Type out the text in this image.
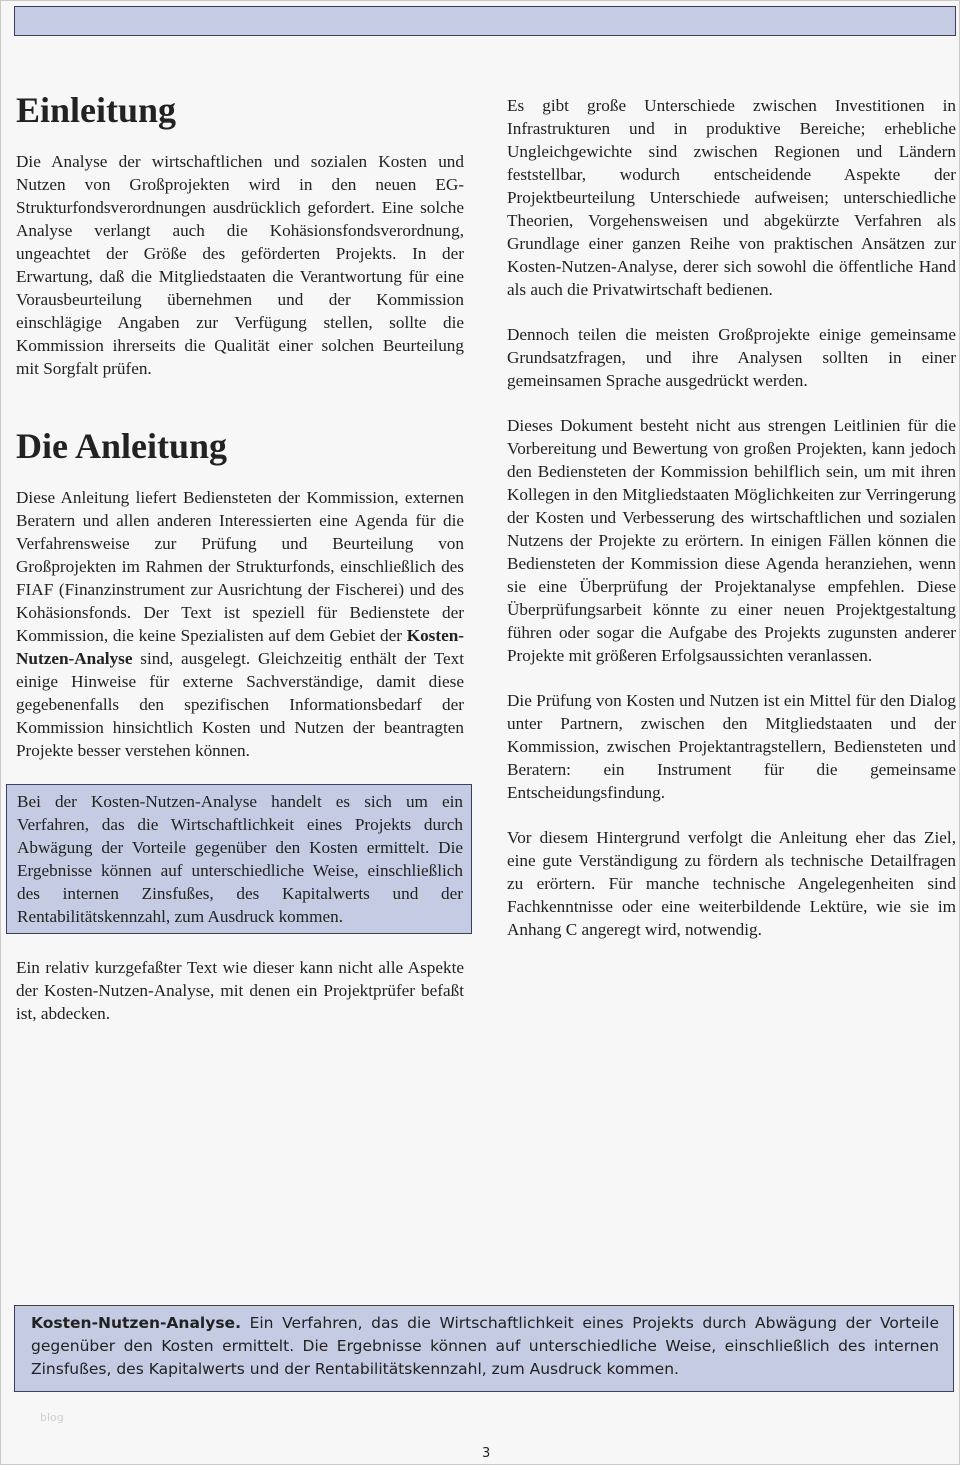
Einleitung

Die Analyse der wirtschaftlichen und sozialen Kosten und Nutzen von Großprojekten wird in den neuen EG-Strukturfondsverordnungen ausdrücklich gefordert. Eine solche Analyse verlangt auch die Kohäsionsfondsverordnung, ungeachtet der Größe des geförderten Projekts. In der Erwartung, daß die Mitgliedstaaten die Verantwortung für eine Vorausbeurteilung übernehmen und der Kommission einschlägige Angaben zur Verfügung stellen, sollte die Kommission ihrerseits die Qualität einer solchen Beurteilung mit Sorgfalt prüfen.

Die Anleitung

Diese Anleitung liefert Bediensteten der Kommission, externen Beratern und allen anderen Interessierten eine Agenda für die Verfahrensweise zur Prüfung und Beurteilung von Großprojekten im Rahmen der Strukturfonds, einschließlich des FIAF (Finanzinstrument zur Ausrichtung der Fischerei) und des Kohäsionsfonds. Der Text ist speziell für Bedienstete der Kommission, die keine Spezialisten auf dem Gebiet der Kosten-Nutzen-Analyse sind, ausgelegt. Gleichzeitig enthält der Text einige Hinweise für externe Sachverständige, damit diese gegebenenfalls den spezifischen Informationsbedarf der Kommission hinsichtlich Kosten und Nutzen der beantragten Projekte besser verstehen können.

Bei der Kosten-Nutzen-Analyse handelt es sich um ein Verfahren, das die Wirtschaftlichkeit eines Projekts durch Abwägung der Vorteile gegenüber den Kosten ermittelt. Die Ergebnisse können auf unterschiedliche Weise, einschließlich des internen Zinsfußes, des Kapitalwerts und der Rentabilitätskennzahl, zum Ausdruck kommen.

Ein relativ kurzgefaßter Text wie dieser kann nicht alle Aspekte der Kosten-Nutzen-Analyse, mit denen ein Projektprüfer befaßt ist, abdecken.

Es gibt große Unterschiede zwischen Investitionen in Infrastrukturen und in produktive Bereiche; erhebliche Ungleichgewichte sind zwischen Regionen und Ländern feststellbar, wodurch entscheidende Aspekte der Projektbeurteilung Unterschiede aufweisen; unterschiedliche Theorien, Vorgehensweisen und abgekürzte Verfahren als Grundlage einer ganzen Reihe von praktischen Ansätzen zur Kosten-Nutzen-Analyse, derer sich sowohl die öffentliche Hand als auch die Privatwirtschaft bedienen.

Dennoch teilen die meisten Großprojekte einige gemeinsame Grundsatzfragen, und ihre Analysen sollten in einer gemeinsamen Sprache ausgedrückt werden.

Dieses Dokument besteht nicht aus strengen Leitlinien für die Vorbereitung und Bewertung von großen Projekten, kann jedoch den Bediensteten der Kommission behilflich sein, um mit ihren Kollegen in den Mitgliedstaaten Möglichkeiten zur Verringerung der Kosten und Verbesserung des wirtschaftlichen und sozialen Nutzens der Projekte zu erörtern. In einigen Fällen können die Bediensteten der Kommission diese Agenda heranziehen, wenn sie eine Überprüfung der Projektanalyse empfehlen. Diese Überprüfungsarbeit könnte zu einer neuen Projektgestaltung führen oder sogar die Aufgabe des Projekts zugunsten anderer Projekte mit größeren Erfolgsaussichten veranlassen.

Die Prüfung von Kosten und Nutzen ist ein Mittel für den Dialog unter Partnern, zwischen den Mitgliedstaaten und der Kommission, zwischen Projektantragstellern, Bediensteten und Beratern: ein Instrument für die gemeinsame Entscheidungsfindung.

Vor diesem Hintergrund verfolgt die Anleitung eher das Ziel, eine gute Verständigung zu fördern als technische Detailfragen zu erörtern. Für manche technische Angelegenheiten sind Fachkenntnisse oder eine weiterbildende Lektüre, wie sie im Anhang C angeregt wird, notwendig.

Kosten-Nutzen-Analyse. Ein Verfahren, das die Wirtschaftlichkeit eines Projekts durch Abwägung der Vorteile gegenüber den Kosten ermittelt. Die Ergebnisse können auf unterschiedliche Weise, einschließlich des internen Zinsfußes, des Kapitalwerts und der Rentabilitätskennzahl, zum Ausdruck kommen.

blog
3
